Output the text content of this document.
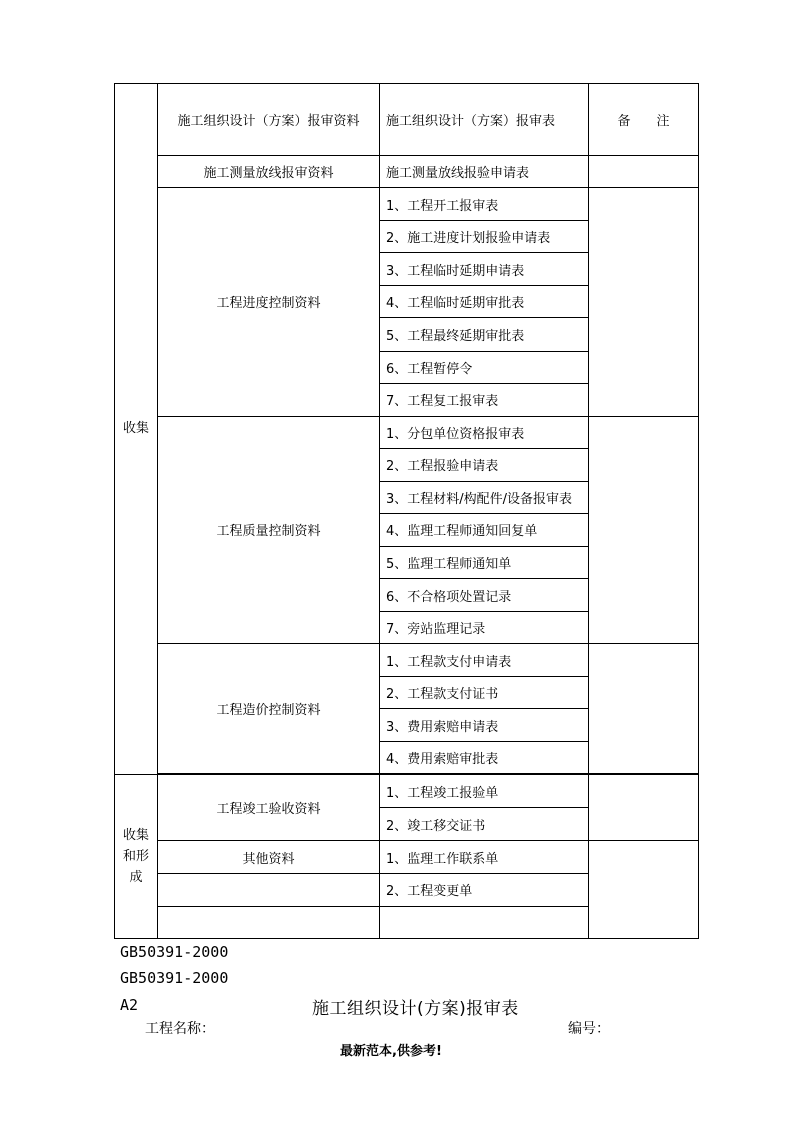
收集	施工组织设计（方案）报审资料	施工组织设计（方案）报审表	备 注
	施工测量放线报审资料	施工测量放线报验申请表	
	工程进度控制资料	1、工程开工报审表	
		2、施工进度计划报验申请表	
		3、工程临时延期申请表	
		4、工程临时延期审批表	
		5、工程最终延期审批表	
		6、工程暂停令	
		7、工程复工报审表	
	工程质量控制资料	1、分包单位资格报审表	
		2、工程报验申请表	
		3、工程材料/构配件/设备报审表	
		4、监理工程师通知回复单	
		5、监理工程师通知单	
		6、不合格项处置记录	
		7、旁站监理记录	
	工程造价控制资料	1、工程款支付申请表	
		2、工程款支付证书	
		3、费用索赔申请表	
		4、费用索赔审批表	

收集
和形
成	工程竣工验收资料	1、工程竣工报验单	
		2、竣工移交证书	
	其他资料	1、监理工作联系单	
		2、工程变更单	

GB50391-2000
GB50391-2000
A2	施工组织设计(方案)报审表
工程名称：	编号：
最新范本,供参考!
